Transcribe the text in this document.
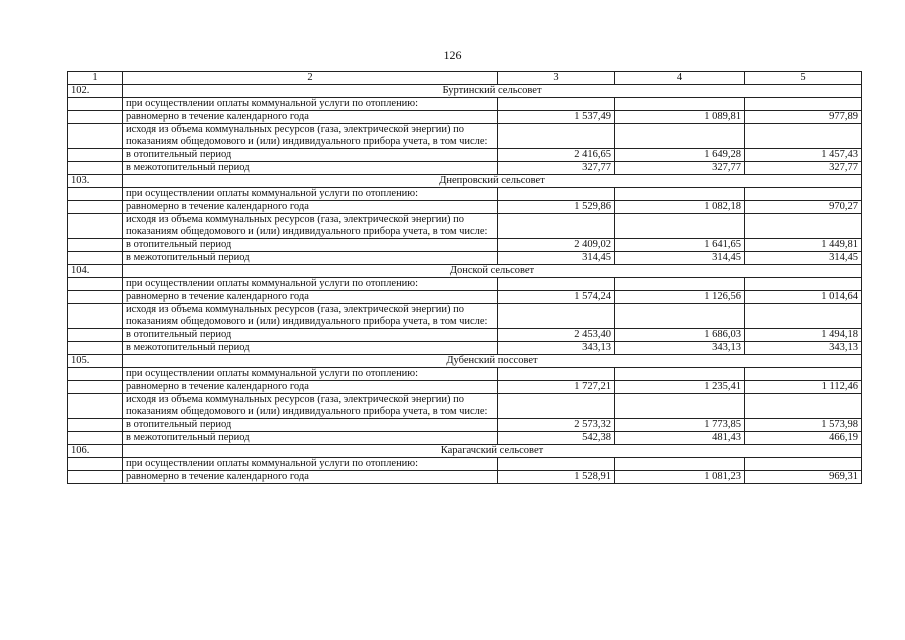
126
1	2	3	4	5
102.	Буртинский сельсовет			
	при осуществлении оплаты коммунальной услуги по отоплению:			
	равномерно в течение календарного года	1 537,49	1 089,81	977,89
	исходя из объема коммунальных ресурсов (газа, электрической энергии) по показаниям общедомового и (или) индивидуального прибора учета, в том числе:			
	в отопительный период	2 416,65	1 649,28	1 457,43
	в межотопительный период	327,77	327,77	327,77
103.	Днепровский сельсовет			
	при осуществлении оплаты коммунальной услуги по отоплению:			
	равномерно в течение календарного года	1 529,86	1 082,18	970,27
	исходя из объема коммунальных ресурсов (газа, электрической энергии) по показаниям общедомового и (или) индивидуального прибора учета, в том числе:			
	в отопительный период	2 409,02	1 641,65	1 449,81
	в межотопительный период	314,45	314,45	314,45
104.	Донской сельсовет			
	при осуществлении оплаты коммунальной услуги по отоплению:			
	равномерно в течение календарного года	1 574,24	1 126,56	1 014,64
	исходя из объема коммунальных ресурсов (газа, электрической энергии) по показаниям общедомового и (или) индивидуального прибора учета, в том числе:			
	в отопительный период	2 453,40	1 686,03	1 494,18
	в межотопительный период	343,13	343,13	343,13
105.	Дубенский поссовет			
	при осуществлении оплаты коммунальной услуги по отоплению:			
	равномерно в течение календарного года	1 727,21	1 235,41	1 112,46
	исходя из объема коммунальных ресурсов (газа, электрической энергии) по показаниям общедомового и (или) индивидуального прибора учета, в том числе:			
	в отопительный период	2 573,32	1 773,85	1 573,98
	в межотопительный период	542,38	481,43	466,19
106.	Карагачский сельсовет			
	при осуществлении оплаты коммунальной услуги по отоплению:			
	равномерно в течение календарного года	1 528,91	1 081,23	969,31
